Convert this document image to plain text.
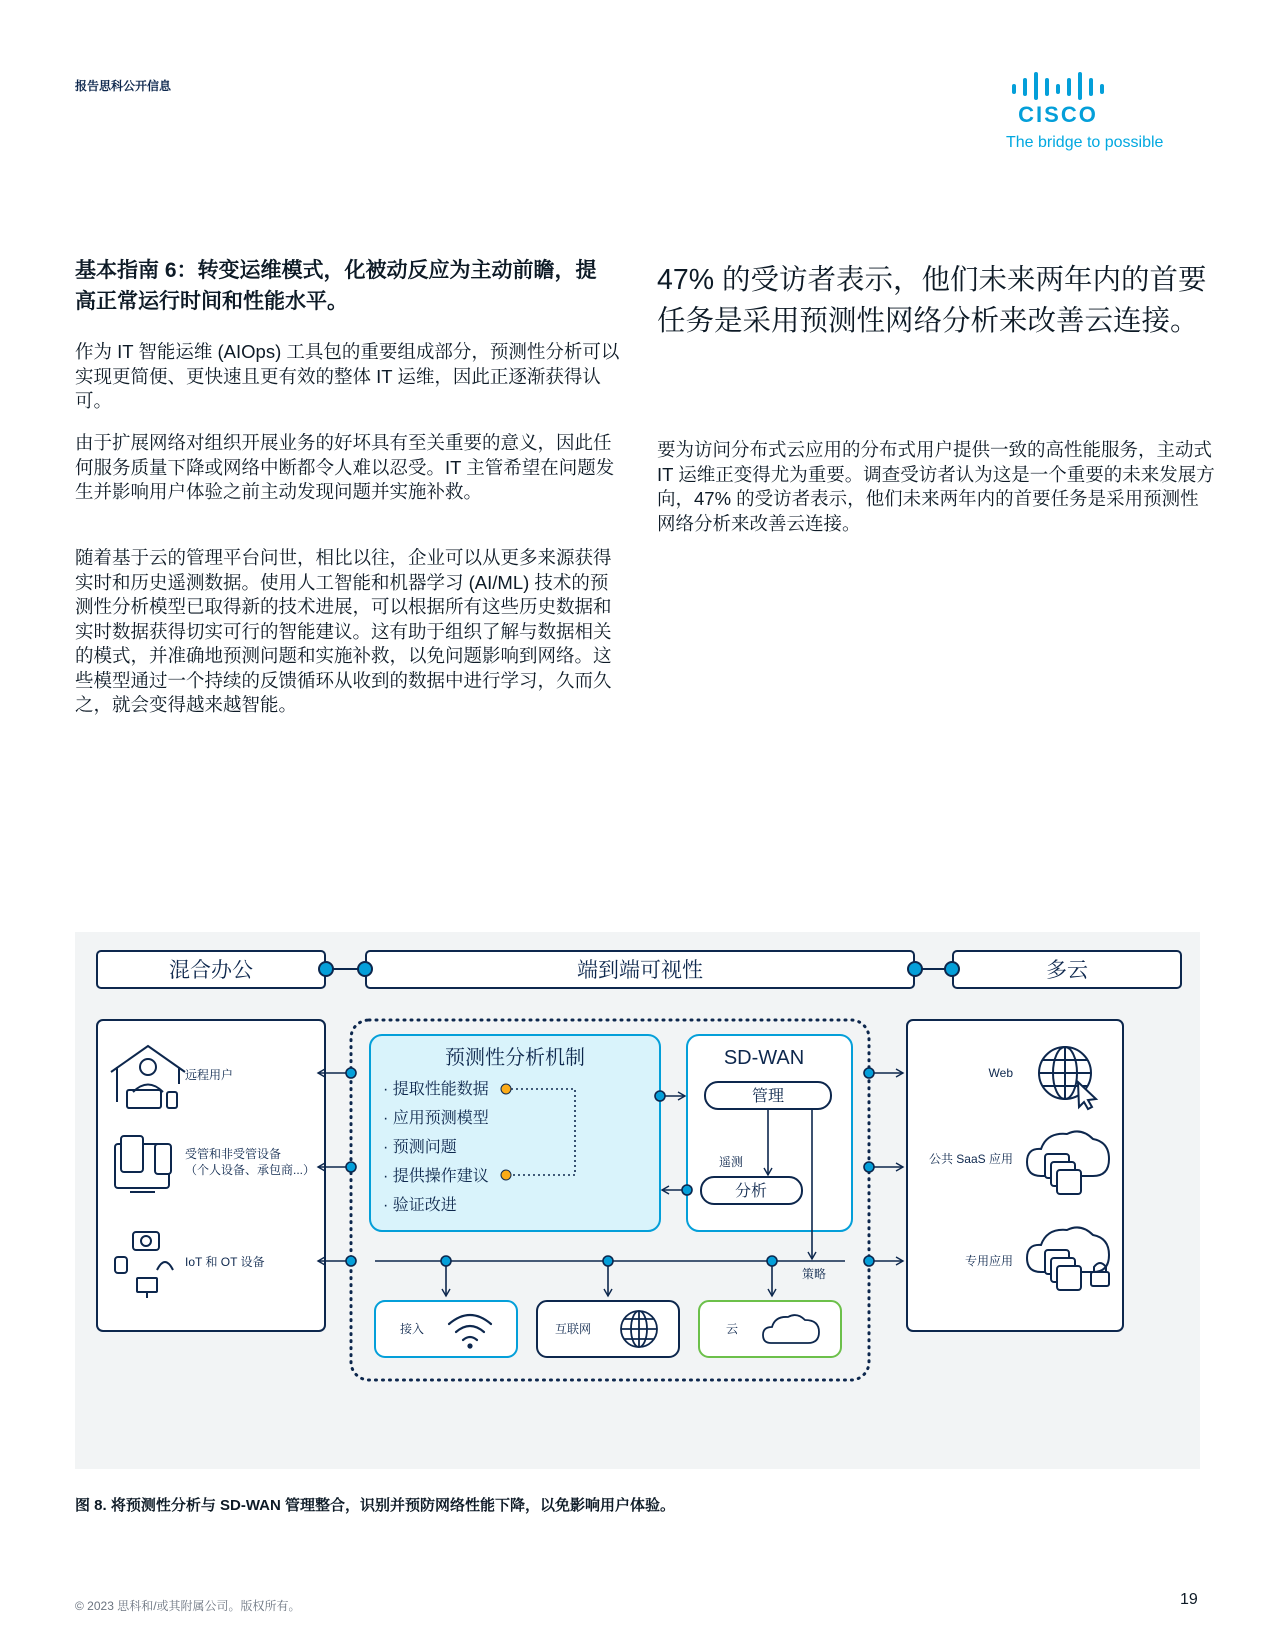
报告思科公开信息
CISCO
The bridge to possible
基本指南 6：转变运维模式，化被动反应为主动前瞻，提高正常运行时间和性能水平。
作为 IT 智能运维 (AIOps) 工具包的重要组成部分，预测性分析可以实现更简便、更快速且更有效的整体 IT 运维，因此正逐渐获得认可。
由于扩展网络对组织开展业务的好坏具有至关重要的意义，因此任何服务质量下降或网络中断都令人难以忍受。IT 主管希望在问题发生并影响用户体验之前主动发现问题并实施补救。
随着基于云的管理平台问世，相比以往，企业可以从更多来源获得实时和历史遥测数据。使用人工智能和机器学习 (AI/ML) 技术的预测性分析模型已取得新的技术进展，可以根据所有这些历史数据和实时数据获得切实可行的智能建议。这有助于组织了解与数据相关的模式，并准确地预测问题和实施补救，以免问题影响到网络。这些模型通过一个持续的反馈循环从收到的数据中进行学习，久而久之，就会变得越来越智能。
47% 的受访者表示，他们未来两年内的首要任务是采用预测性网络分析来改善云连接。
要为访问分布式云应用的分布式用户提供一致的高性能服务，主动式 IT 运维正变得尤为重要。调查受访者认为这是一个重要的未来发展方向，47% 的受访者表示，他们未来两年内的首要任务是采用预测性网络分析来改善云连接。
混合办公	端到端可视性	多云
远程用户
受管和非受管设备
（个人设备、承包商...）
IoT 和 OT 设备
预测性分析机制
· 提取性能数据
· 应用预测模型
· 预测问题
· 提供操作建议
· 验证改进
SD-WAN
管理
分析
遥测
策略
接入	互联网	云
Web
公共 SaaS 应用
专用应用
图 8. 将预测性分析与 SD-WAN 管理整合，识别并预防网络性能下降，以免影响用户体验。
© 2023 思科和/或其附属公司。版权所有。	19
